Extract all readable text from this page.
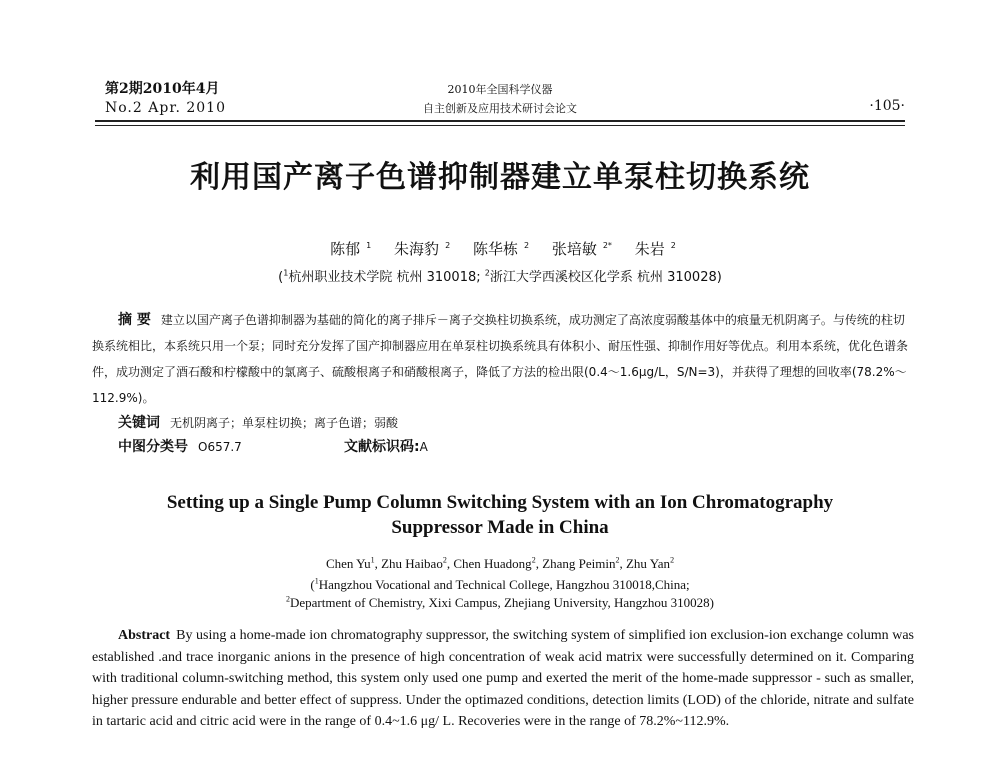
第2期2010年4月
No.2 Apr. 2010
2010年全国科学仪器
自主创新及应用技术研讨会论文	·105·
利用国产离子色谱抑制器建立单泵柱切换系统
陈郁 $^1$ 朱海豹 $^2$ 陈华栋 $^2$ 张培敏 $^{2*}$ 朱岩 $^2$
($^1$杭州职业技术学院 杭州 310018; $^2$浙江大学西溪校区化学系 杭州 310028)
摘 要 建立以国产离子色谱抑制器为基础的简化的离子排斥－离子交换柱切换系统，成功测定了高浓度弱酸基体中的痕量无机阴离子。与传统的柱切换系统相比，本系统只用一个泵；同时充分发挥了国产抑制器应用在单泵柱切换系统具有体积小、耐压性强、抑制作用好等优点。利用本系统，优化色谱条件，成功测定了酒石酸和柠檬酸中的氯离子、硫酸根离子和硝酸根离子，降低了方法的检出限(0.4～1.6μg/L，S/N=3)，并获得了理想的回收率(78.2%～112.9%)。
关键词 无机阴离子；单泵柱切换；离子色谱；弱酸
中图分类号 O657.7	文献标识码:A
Setting up a Single Pump Column Switching System with an Ion Chromatography
Suppressor Made in China
Chen Yu$^1$, Zhu Haibao$^2$, Chen Huadong$^2$, Zhang Peimin$^2$, Zhu Yan$^2$
($^1$Hangzhou Vocational and Technical College, Hangzhou 310018,China;
$^2$Department of Chemistry, Xixi Campus, Zhejiang University, Hangzhou 310028)
Abstract By using a home-made ion chromatography suppressor, the switching system of simplified ion exclusion-ion exchange column was established .and trace inorganic anions in the presence of high concentration of weak acid matrix were successfully determined on it. Comparing with traditional column-switching method, this system only used one pump and exerted the merit of the home-made suppressor - such as smaller, higher pressure endurable and better effect of suppress. Under the optimazed conditions, detection limits (LOD) of the chloride, nitrate and sulfate in tartaric acid and citric acid were in the range of 0.4~1.6 μg/ L. Recoveries were in the range of 78.2%~112.9%.
